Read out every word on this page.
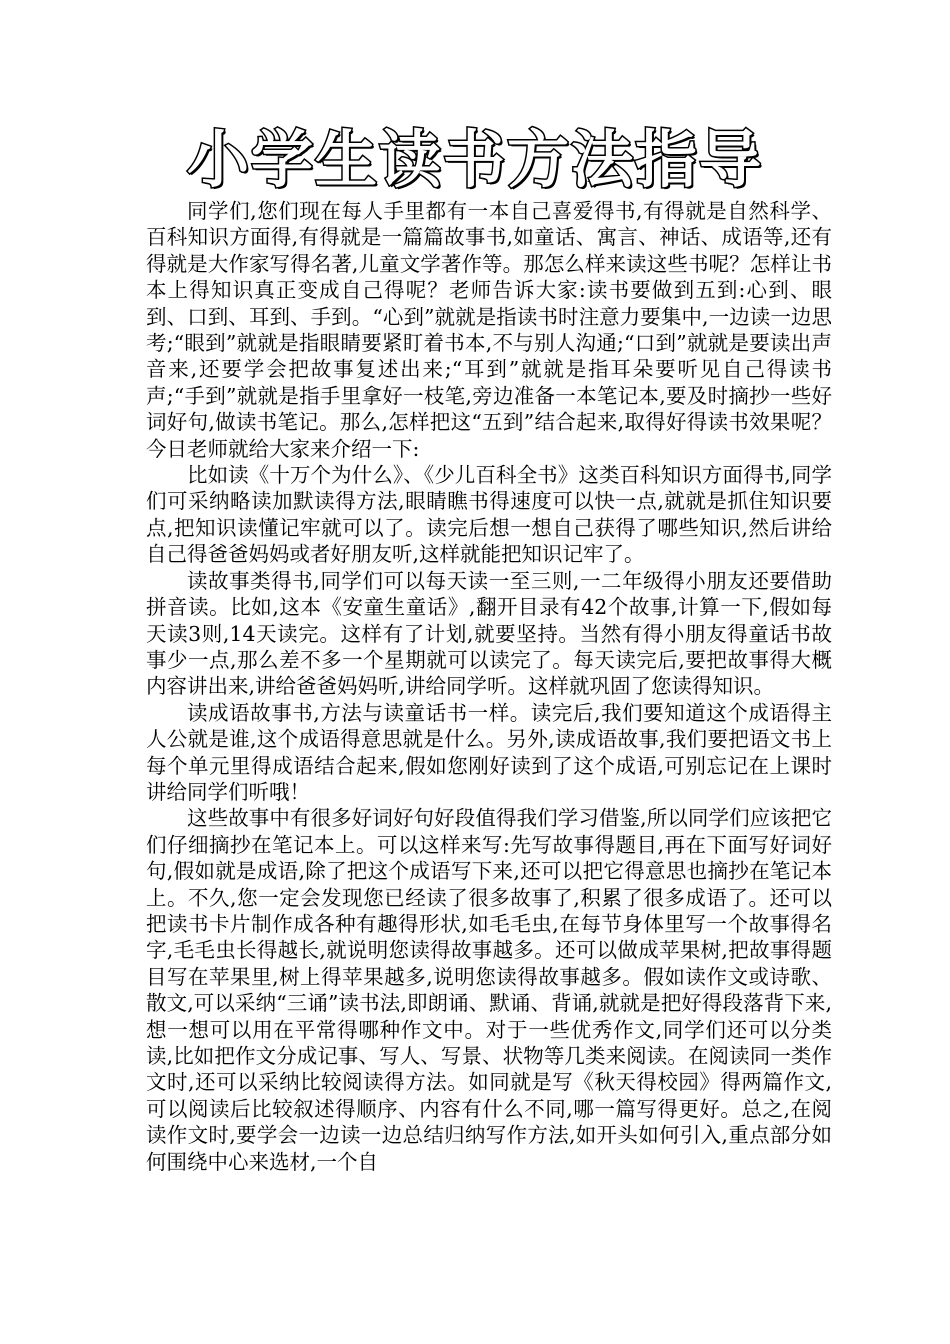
小学生读书方法指导

同学们,您们现在每人手里都有一本自己喜爱得书,有得就是自然科学、百科知识方面得,有得就是一篇篇故事书,如童话、寓言、神话、成语等,还有得就是大作家写得名著,儿童文学著作等。那怎么样来读这些书呢？怎样让书本上得知识真正变成自己得呢？老师告诉大家:读书要做到五到:心到、眼到、口到、耳到、手到。“心到”就就是指读书时注意力要集中,一边读一边思考;“眼到”就就是指眼睛要紧盯着书本,不与别人沟通;“口到”就就是要读出声音来,还要学会把故事复述出来;“耳到”就就是指耳朵要听见自己得读书声;“手到”就就是指手里拿好一枝笔,旁边准备一本笔记本,要及时摘抄一些好词好句,做读书笔记。那么,怎样把这“五到”结合起来,取得好得读书效果呢？今日老师就给大家来介绍一下:

比如读《十万个为什么》、《少儿百科全书》这类百科知识方面得书,同学们可采纳略读加默读得方法,眼睛瞧书得速度可以快一点,就就是抓住知识要点,把知识读懂记牢就可以了。读完后想一想自己获得了哪些知识,然后讲给自己得爸爸妈妈或者好朋友听,这样就能把知识记牢了。

读故事类得书,同学们可以每天读一至三则,一二年级得小朋友还要借助拼音读。比如,这本《安童生童话》,翻开目录有42个故事,计算一下,假如每天读3则,14天读完。这样有了计划,就要坚持。当然有得小朋友得童话书故事少一点,那么差不多一个星期就可以读完了。每天读完后,要把故事得大概内容讲出来,讲给爸爸妈妈听,讲给同学听。这样就巩固了您读得知识。

读成语故事书,方法与读童话书一样。读完后,我们要知道这个成语得主人公就是谁,这个成语得意思就是什么。另外,读成语故事,我们要把语文书上每个单元里得成语结合起来,假如您刚好读到了这个成语,可别忘记在上课时讲给同学们听哦！

这些故事中有很多好词好句好段值得我们学习借鉴,所以同学们应该把它们仔细摘抄在笔记本上。可以这样来写:先写故事得题目,再在下面写好词好句,假如就是成语,除了把这个成语写下来,还可以把它得意思也摘抄在笔记本上。不久,您一定会发现您已经读了很多故事了,积累了很多成语了。还可以把读书卡片制作成各种有趣得形状,如毛毛虫,在每节身体里写一个故事得名字,毛毛虫长得越长,就说明您读得故事越多。还可以做成苹果树,把故事得题目写在苹果里,树上得苹果越多,说明您读得故事越多。假如读作文或诗歌、散文,可以采纳“三诵”读书法,即朗诵、默诵、背诵,就就是把好得段落背下来,想一想可以用在平常得哪种作文中。对于一些优秀作文,同学们还可以分类读,比如把作文分成记事、写人、写景、状物等几类来阅读。在阅读同一类作文时,还可以采纳比较阅读得方法。如同就是写《秋天得校园》得两篇作文,可以阅读后比较叙述得顺序、内容有什么不同,哪一篇写得更好。总之,在阅读作文时,要学会一边读一边总结归纳写作方法,如开头如何引入,重点部分如何围绕中心来选材,一个自
